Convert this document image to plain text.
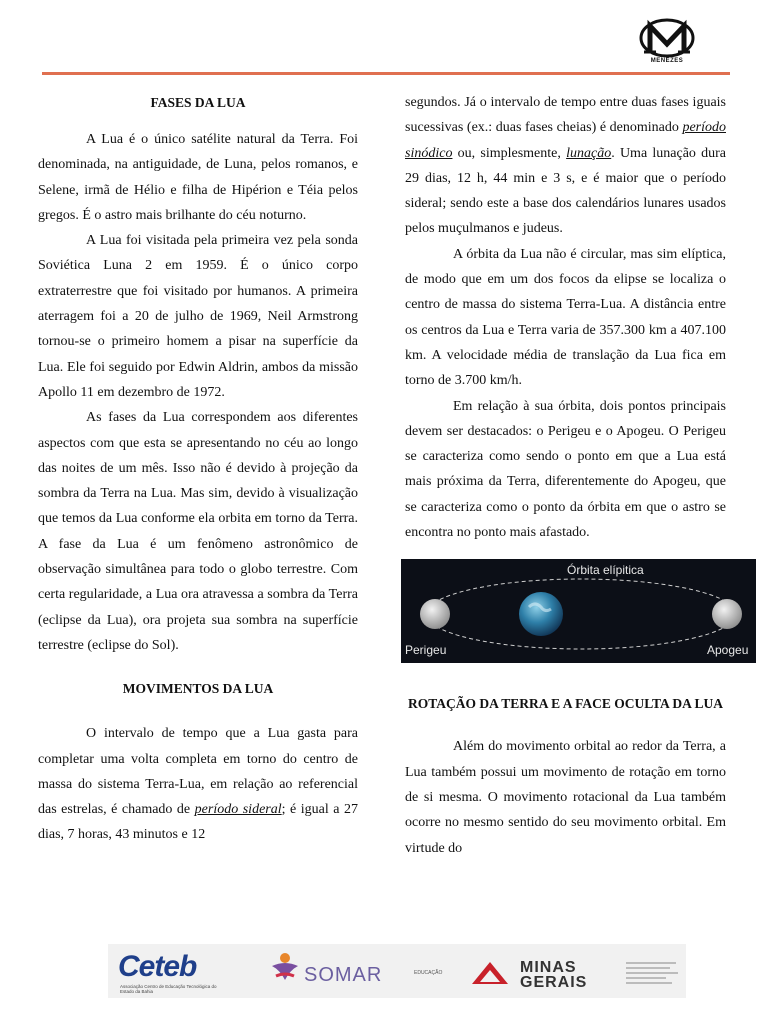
MENEZES
FASES DA LUA

A Lua é o único satélite natural da Terra. Foi denominada, na antiguidade, de Luna, pelos romanos, e Selene, irmã de Hélio e filha de Hipérion e Téia pelos gregos. É o astro mais brilhante do céu noturno.

A Lua foi visitada pela primeira vez pela sonda Soviética Luna 2 em 1959. É o único corpo extraterrestre que foi visitado por humanos. A primeira aterragem foi a 20 de julho de 1969, Neil Armstrong tornou-se o primeiro homem a pisar na superfície da Lua. Ele foi seguido por Edwin Aldrin, ambos da missão Apollo 11 em dezembro de 1972.

As fases da Lua correspondem aos diferentes aspectos com que esta se apresentando no céu ao longo das noites de um mês. Isso não é devido à projeção da sombra da Terra na Lua. Mas sim, devido à visualização que temos da Lua conforme ela orbita em torno da Terra. A fase da Lua é um fenômeno astronômico de observação simultânea para todo o globo terrestre. Com certa regularidade, a Lua ora atravessa a sombra da Terra (eclipse da Lua), ora projeta sua sombra na superfície terrestre (eclipse do Sol).

MOVIMENTOS DA LUA

O intervalo de tempo que a Lua gasta para completar uma volta completa em torno do centro de massa do sistema Terra-Lua, em relação ao referencial das estrelas, é chamado de período sideral; é igual a 27 dias, 7 horas, 43 minutos e 12

segundos. Já o intervalo de tempo entre duas fases iguais sucessivas (ex.: duas fases cheias) é denominado período sinódico ou, simplesmente, lunação. Uma lunação dura 29 dias, 12 h, 44 min e 3 s, e é maior que o período sideral; sendo este a base dos calendários lunares usados pelos muçulmanos e judeus.

A órbita da Lua não é circular, mas sim elíptica, de modo que em um dos focos da elipse se localiza o centro de massa do sistema Terra-Lua. A distância entre os centros da Lua e Terra varia de 357.300 km a 407.100 km. A velocidade média de translação da Lua fica em torno de 3.700 km/h.

Em relação à sua órbita, dois pontos principais devem ser destacados: o Perigeu e o Apogeu. O Perigeu se caracteriza como sendo o ponto em que a Lua está mais próxima da Terra, diferentemente do Apogeu, que se caracteriza como o ponto da órbita em que o astro se encontra no ponto mais afastado.

Órbita elípitica
Perigeu	Apogeu
ROTAÇÃO DA TERRA E A FACE OCULTA DA LUA

Além do movimento orbital ao redor da Terra, a Lua também possui um movimento de rotação em torno de si mesma. O movimento rotacional da Lua também ocorre no mesmo sentido do seu movimento orbital. Em virtude do

Ceteb
Associação Centro de Educação Tecnológica do Estado da Bahia
SOMAR	EDUCAÇÃO	MINAS
GERAIS
